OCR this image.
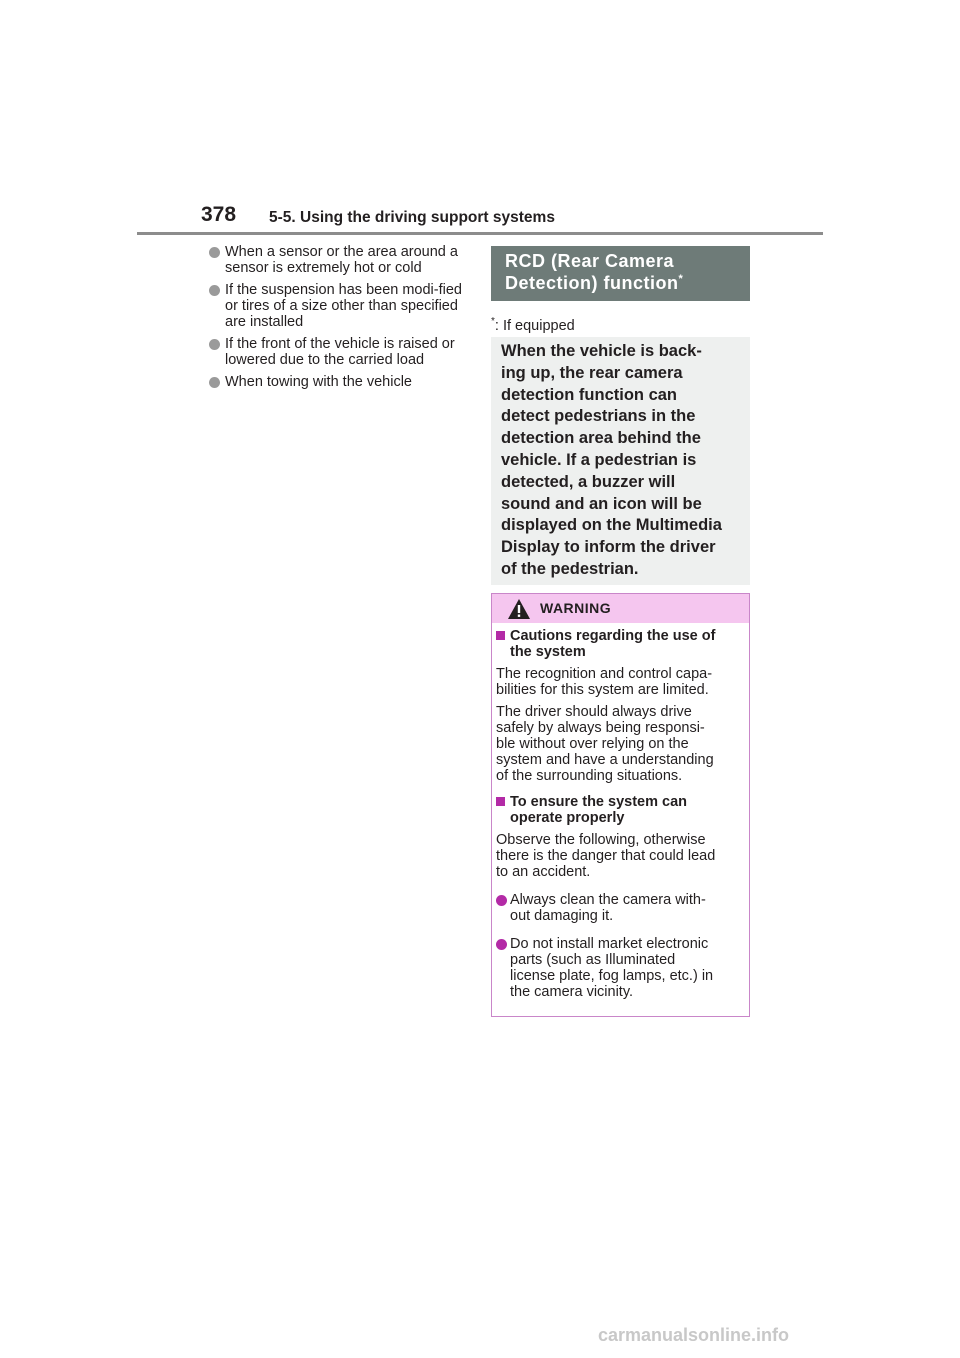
378 5-5. Using the driving support systems
When a sensor or the area around a sensor is extremely hot or cold
If the suspension has been modi-fied or tires of a size other than specified are installed
If the front of the vehicle is raised or lowered due to the carried load
When towing with the vehicle
RCD (Rear Camera
Detection) function*
*: If equipped
When the vehicle is back-
ing up, the rear camera
detection function can
detect pedestrians in the
detection area behind the
vehicle. If a pedestrian is
detected, a buzzer will
sound and an icon will be
displayed on the Multimedia
Display to inform the driver
of the pedestrian.
WARNING
Cautions regarding the use of
the system
The recognition and control capa-
bilities for this system are limited.
The driver should always drive
safely by always being responsi-
ble without over relying on the
system and have a understanding
of the surrounding situations.
To ensure the system can
operate properly
Observe the following, otherwise
there is the danger that could lead
to an accident.
Always clean the camera with-
out damaging it.
Do not install market electronic
parts (such as Illuminated
license plate, fog lamps, etc.) in
the camera vicinity.
carmanualsonline.info
